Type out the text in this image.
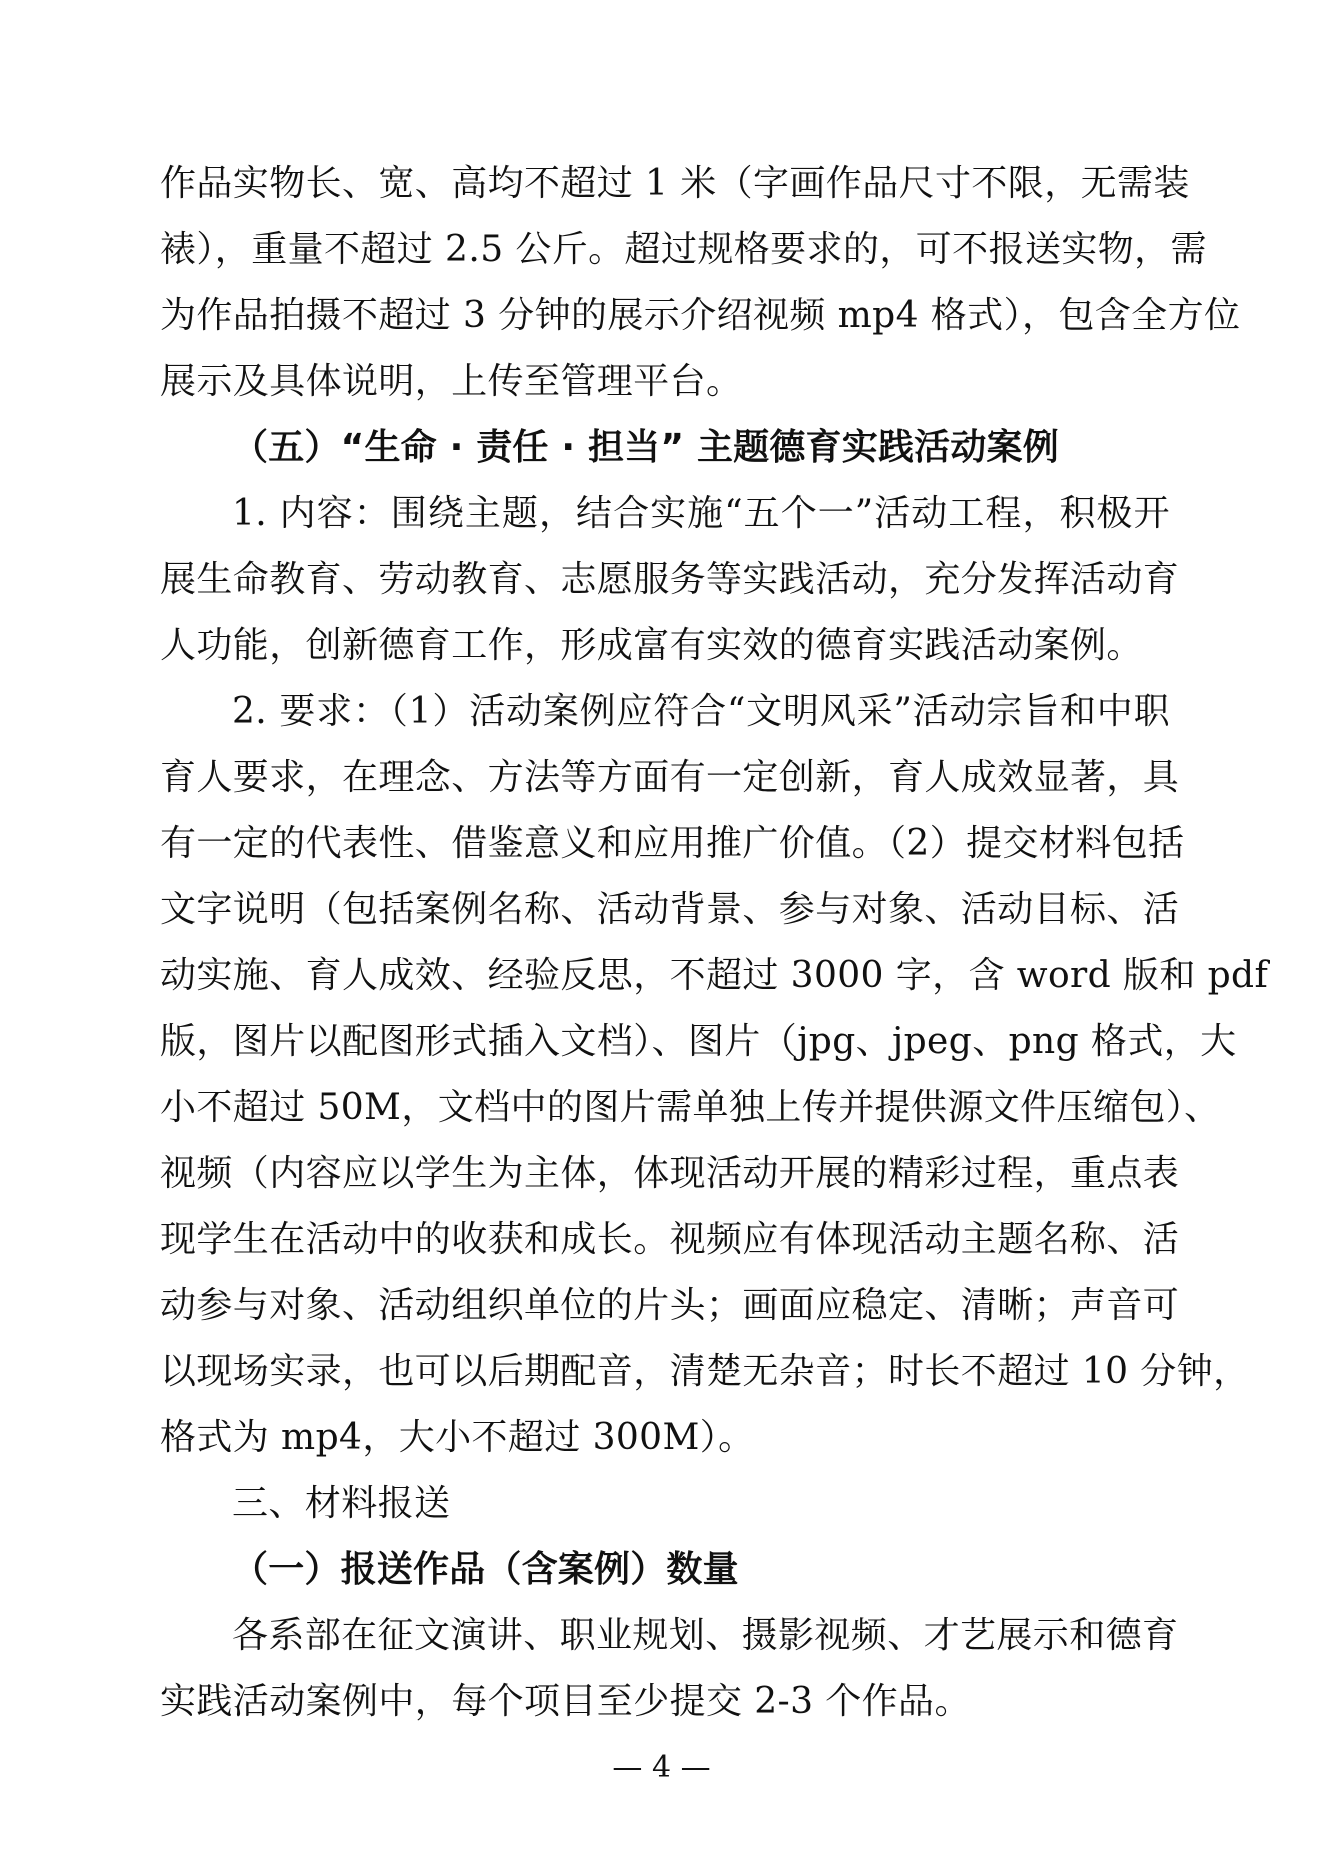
作品实物长、宽、高均不超过 1 米（字画作品尺寸不限，无需装
裱），重量不超过 2.5 公斤。超过规格要求的，可不报送实物，需
为作品拍摄不超过 3 分钟的展示介绍视频 mp4 格式），包含全方位
展示及具体说明，上传至管理平台。
（五）“生命 · 责任 · 担当” 主题德育实践活动案例
1. 内容：围绕主题，结合实施“五个一”活动工程，积极开
展生命教育、劳动教育、志愿服务等实践活动，充分发挥活动育
人功能，创新德育工作，形成富有实效的德育实践活动案例。
2. 要求：（1）活动案例应符合“文明风采”活动宗旨和中职
育人要求，在理念、方法等方面有一定创新，育人成效显著，具
有一定的代表性、借鉴意义和应用推广价值。（2）提交材料包括
文字说明（包括案例名称、活动背景、参与对象、活动目标、活
动实施、育人成效、经验反思，不超过 3000 字，含 word 版和 pdf
版，图片以配图形式插入文档）、图片（jpg、jpeg、png 格式，大
小不超过 50M，文档中的图片需单独上传并提供源文件压缩包）、
视频（内容应以学生为主体，体现活动开展的精彩过程，重点表
现学生在活动中的收获和成长。视频应有体现活动主题名称、活
动参与对象、活动组织单位的片头；画面应稳定、清晰；声音可
以现场实录，也可以后期配音，清楚无杂音；时长不超过 10 分钟，
格式为 mp4，大小不超过 300M）。
三、材料报送
（一）报送作品（含案例）数量
各系部在征文演讲、职业规划、摄影视频、才艺展示和德育
实践活动案例中，每个项目至少提交 2-3 个作品。
— 4 —
